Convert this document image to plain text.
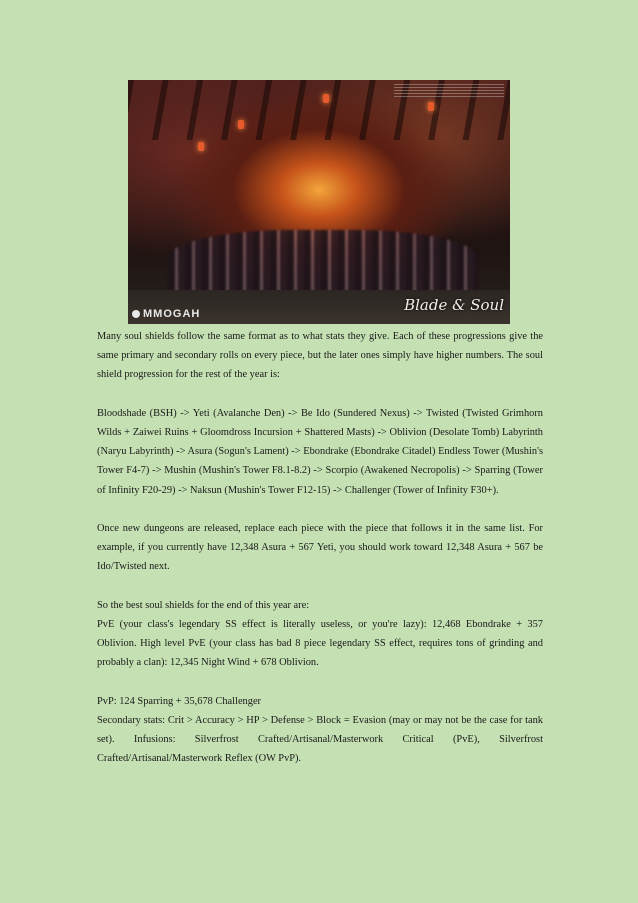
MMOGAH	Blade & Soul

Many soul shields follow the same format as to what stats they give. Each of these progressions give the same primary and secondary rolls on every piece, but the later ones simply have higher numbers. The soul shield progression for the rest of the year is:

Bloodshade (BSH) -> Yeti (Avalanche Den) -> Be Ido (Sundered Nexus) -> Twisted (Twisted Grimhorn Wilds + Zaiwei Ruins + Gloomdross Incursion + Shattered Masts) -> Oblivion (Desolate Tomb) Labyrinth (Naryu Labyrinth) -> Asura (Sogun's Lament) -> Ebondrake (Ebondrake Citadel) Endless Tower (Mushin's Tower F4-7) -> Mushin (Mushin's Tower F8.1-8.2) -> Scorpio (Awakened Necropolis) -> Sparring (Tower of Infinity F20-29) -> Naksun (Mushin's Tower F12-15) -> Challenger (Tower of Infinity F30+).

Once new dungeons are released, replace each piece with the piece that follows it in the same list. For example, if you currently have 12,348 Asura + 567 Yeti, you should work toward 12,348 Asura + 567 be Ido/Twisted next.

So the best soul shields for the end of this year are:
PvE (your class's legendary SS effect is literally useless, or you're lazy): 12,468 Ebondrake + 357 Oblivion. High level PvE (your class has bad 8 piece legendary SS effect, requires tons of grinding and probably a clan): 12,345 Night Wind + 678 Oblivion.

PvP: 124 Sparring + 35,678 Challenger
Secondary stats: Crit > Accuracy > HP > Defense > Block = Evasion (may or may not be the case for tank set). Infusions: Silverfrost Crafted/Artisanal/Masterwork Critical (PvE), Silverfrost Crafted/Artisanal/Masterwork Reflex (OW PvP).
